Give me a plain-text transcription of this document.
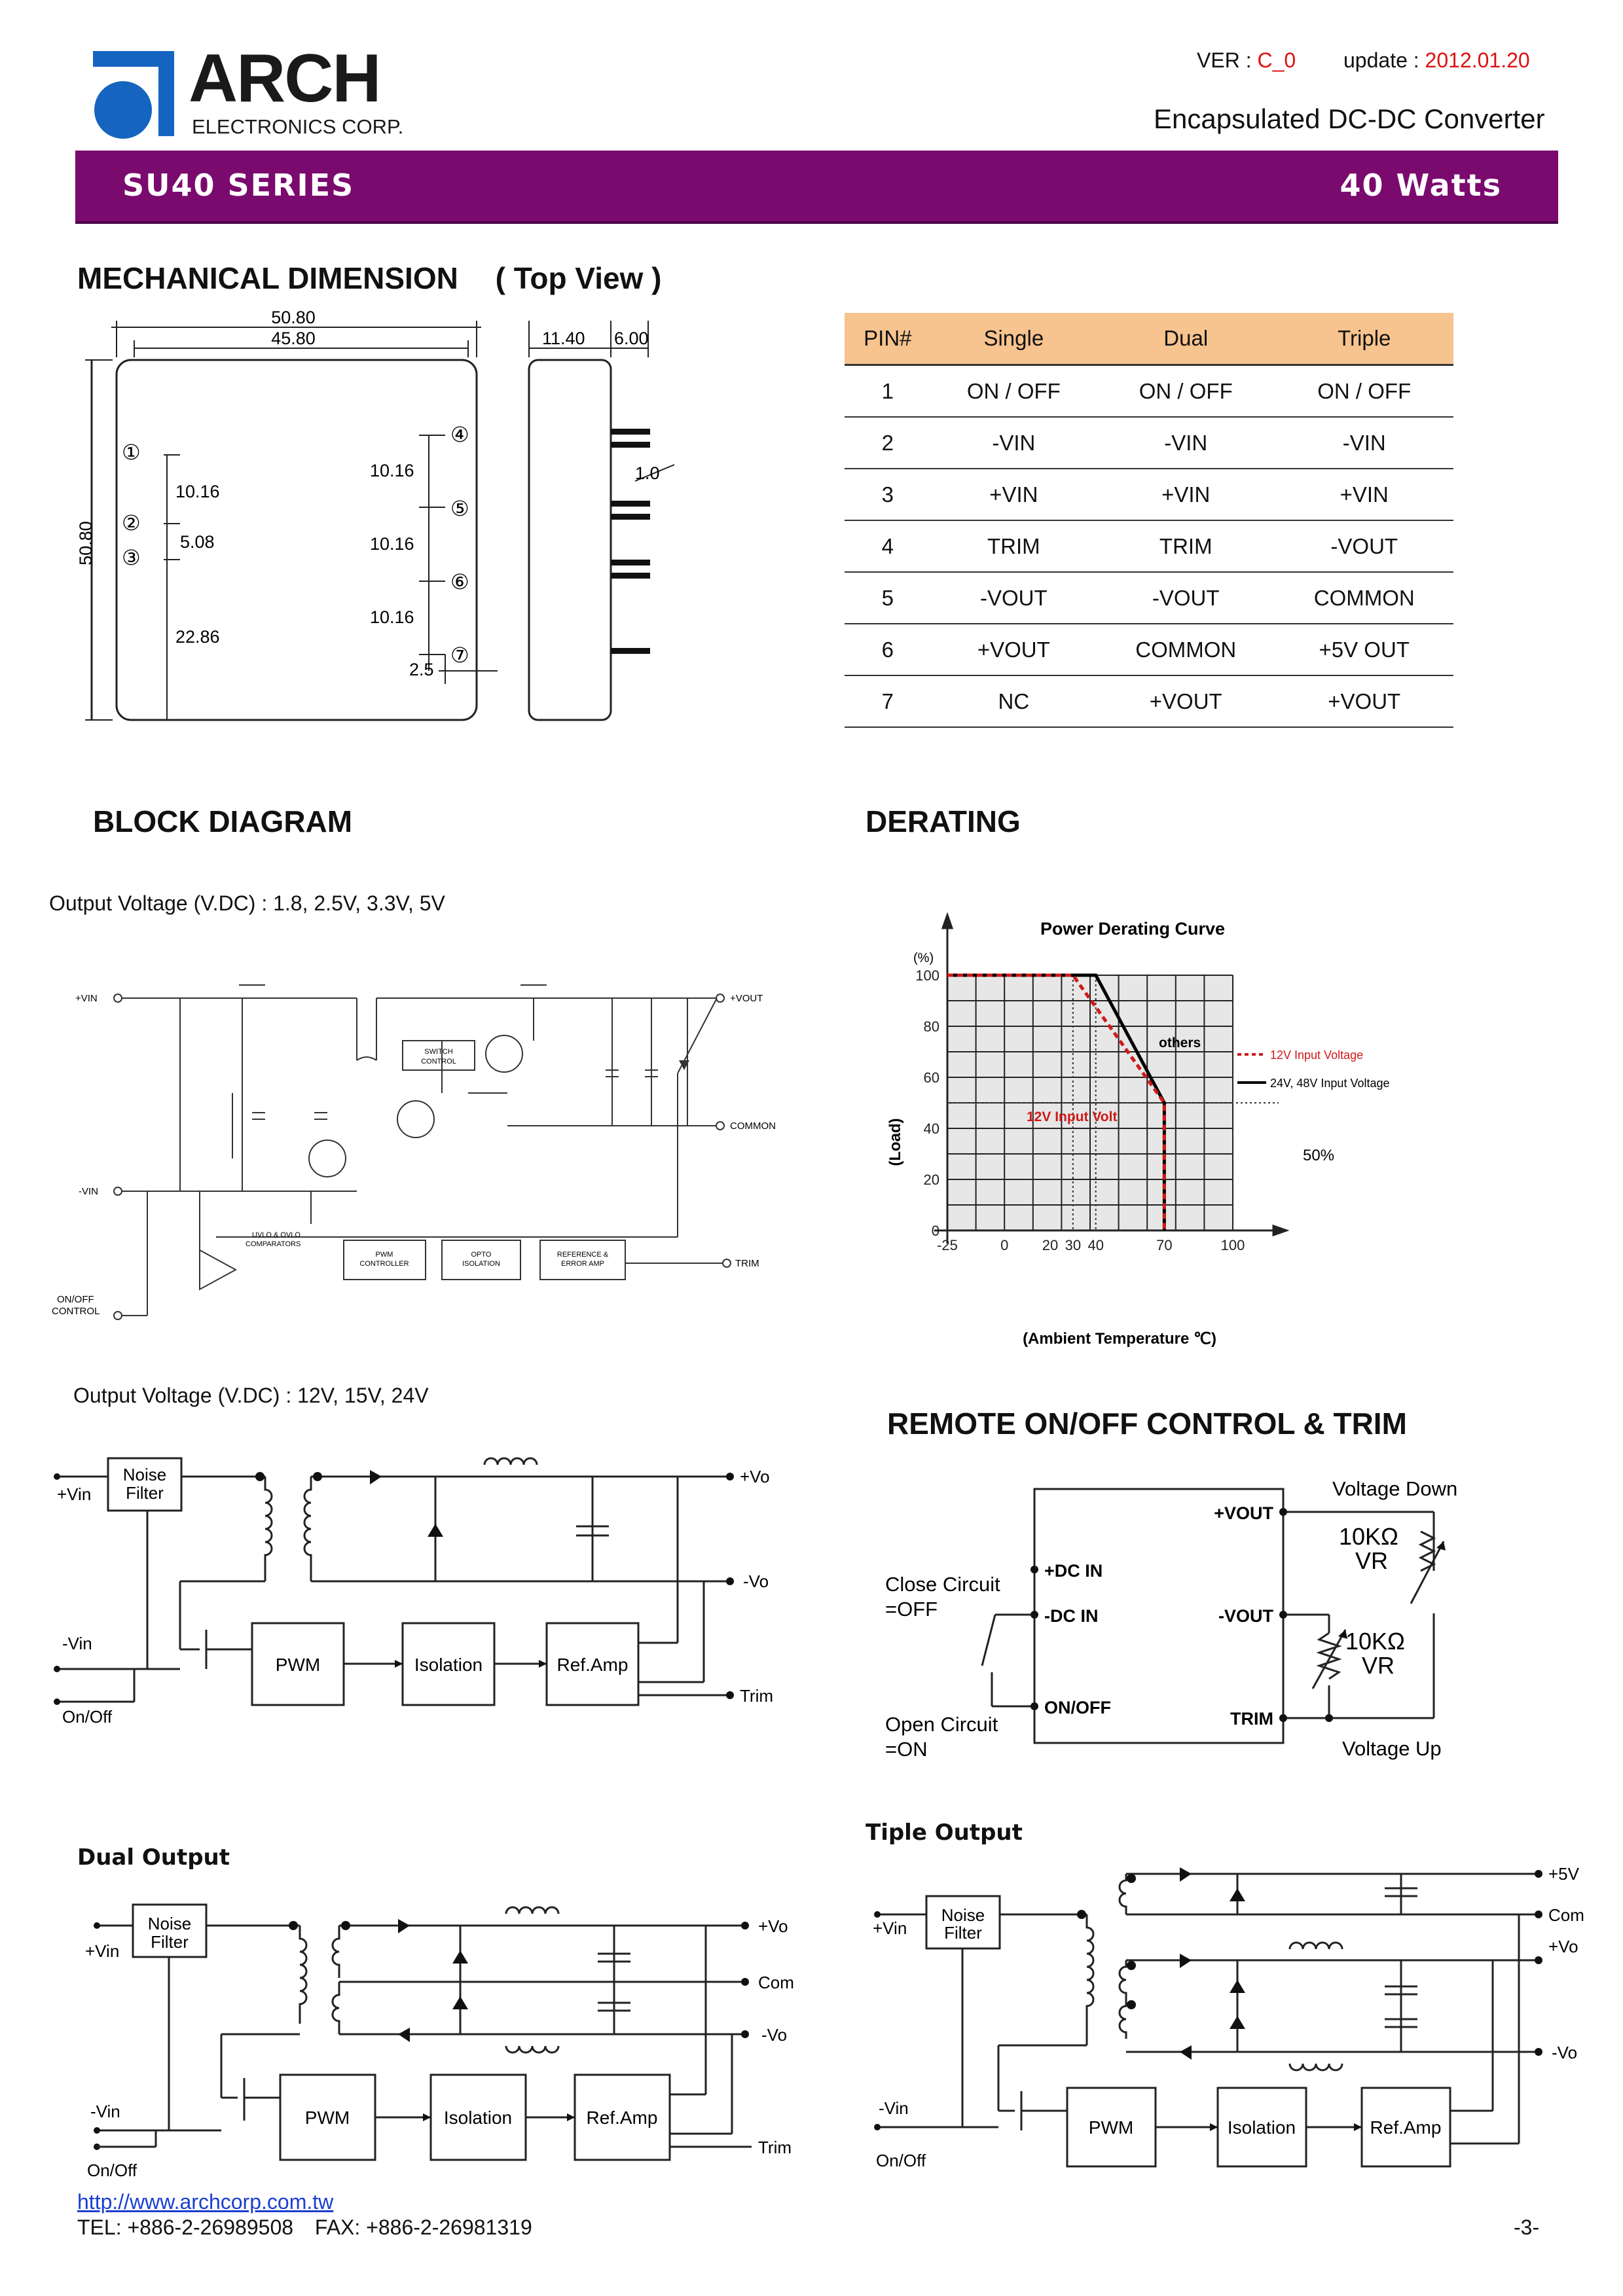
ARCH
ELECTRONICS CORP.
VER : C_0 update : 2012.01.20
Encapsulated DC-DC Converter
SU40 SERIES	40 Watts
MECHANICAL DIMENSION ( Top View )
50.80
50.80
45.80
10.16
5.08
22.86
10.16
10.16
10.16
2.5
①
②
③
④
⑤
⑥
⑦
11.40 6.00
1.0
PIN#	Single	Dual	Triple
1	ON / OFF	ON / OFF	ON / OFF
2	-VIN	-VIN	-VIN
3	+VIN	+VIN	+VIN
4	TRIM	TRIM	-VOUT
5	-VOUT	-VOUT	COMMON
6	+VOUT	COMMON	+5V OUT
7	NC	+VOUT	+VOUT
BLOCK DIAGRAM
Output Voltage (V.DC) : 1.8, 2.5V, 3.3V, 5V
+VIN
-VIN
+VOUT
COMMON
TRIM
ON/OFF
CONTROL
SWITCH
CONTROL
UVLO & OVLO
COMPARATORS
PWM
CONTROLLER
OPTO
ISOLATION
REFERENCE &
ERROR AMP
Output Voltage (V.DC) : 12V, 15V, 24V
+Vin
-Vin
On/Off
Noise
Filter
PWM	Isolation	Ref.Amp
+Vo
-Vo
Trim
DERATING
-25	0 20 30 40	70	100
0
20
40
60
80
100
Power Derating Curve
(%)
(Load)
(Ambient Temperature ℃)
others
12V Input Volt
50%
12V Input Voltage
24V, 48V Input Voltage
REMOTE ON/OFF CONTROL & TRIM
+VOUT
+DC IN
-DC IN	-VOUT
ON/OFF
TRIM
Voltage Down
Voltage Up
10KΩ
VR
10KΩ
VR
Close Circuit
=OFF
Open Circuit
=ON
Dual Output
+Vin
-Vin
On/Off
Noise
Filter
PWM	Isolation	Ref.Amp
+Vo
Com
-Vo
Trim
Tiple Output
+Vin
-Vin
On/Off
Noise
Filter
PWM	Isolation	Ref.Amp
+5V
Com
+Vo
-Vo
http://www.archcorp.com.tw
TEL: +886-2-26989508 FAX: +886-2-26981319	-3-
